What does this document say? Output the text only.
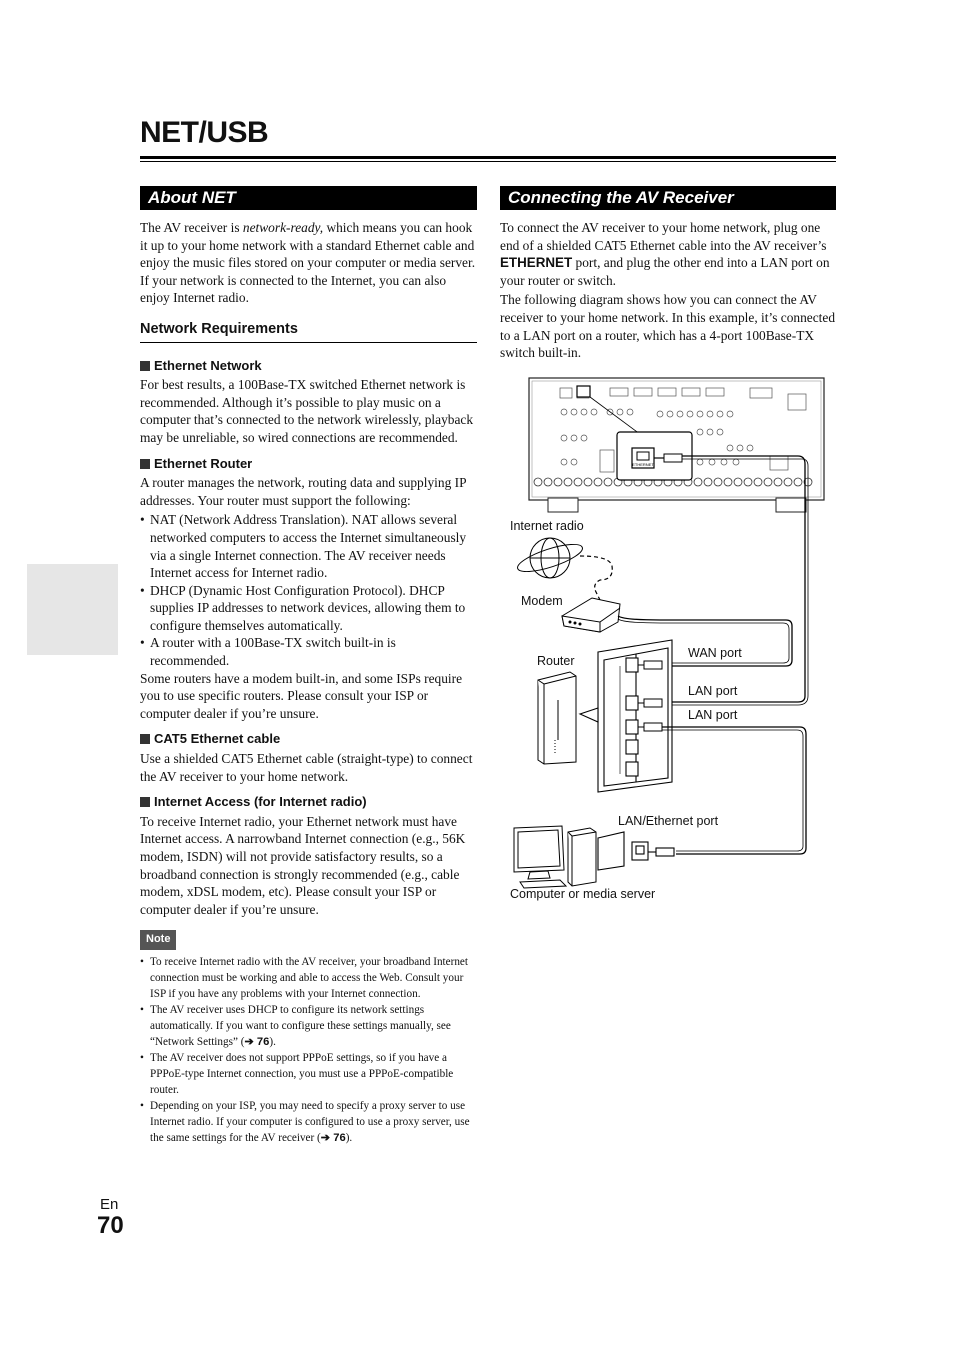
NET/USB
About NET

The AV receiver is network-ready, which means you can hook it up to your home network with a standard Ethernet cable and enjoy the music files stored on your computer or media server. If your network is connected to the Internet, you can also enjoy Internet radio.

Network Requirements
Ethernet Network

For best results, a 100Base-TX switched Ethernet network is recommended. Although it’s possible to play music on a computer that’s connected to the network wirelessly, playback may be unreliable, so wired connections are recommended.

Ethernet Router

A router manages the network, routing data and supplying IP addresses. Your router must support the following:

• NAT (Network Address Translation). NAT allows several networked computers to access the Internet simultaneously via a single Internet connection. The AV receiver needs Internet access for Internet radio.
• DHCP (Dynamic Host Configuration Protocol). DHCP supplies IP addresses to network devices, allowing them to configure themselves automatically.
• A router with a 100Base-TX switch built-in is recommended.

Some routers have a modem built-in, and some ISPs require you to use specific routers. Please consult your ISP or computer dealer if you’re unsure.

CAT5 Ethernet cable

Use a shielded CAT5 Ethernet cable (straight-type) to connect the AV receiver to your home network.

Internet Access (for Internet radio)

To receive Internet radio, your Ethernet network must have Internet access. A narrowband Internet connection (e.g., 56K modem, ISDN) will not provide satisfactory results, so a broadband connection is strongly recommended (e.g., cable modem, xDSL modem, etc). Please consult your ISP or computer dealer if you’re unsure.

Note
• To receive Internet radio with the AV receiver, your broadband Internet connection must be working and able to access the Web. Consult your ISP if you have any problems with your Internet connection.
• The AV receiver uses DHCP to configure its network settings automatically. If you want to configure these settings manually, see “Network Settings” (➔ 76).
• The AV receiver does not support PPPoE settings, so if you have a PPPoE-type Internet connection, you must use a PPPoE-compatible router.
• Depending on your ISP, you may need to specify a proxy server to use Internet radio. If your computer is configured to use a proxy server, use the same settings for the AV receiver (➔ 76).
Connecting the AV Receiver

To connect the AV receiver to your home network, plug one end of a shielded CAT5 Ethernet cable into the AV receiver’s ETHERNET port, and plug the other end into a LAN port on your router or switch.

The following diagram shows how you can connect the AV receiver to your home network. In this example, it’s connected to a LAN port on a router, which has a 4-port 100Base-TX switch built-in.

ETHERNET
Internet radio
Modem
Router
WAN port
LAN port
LAN port
LAN/Ethernet port
Computer or media server
En
70
